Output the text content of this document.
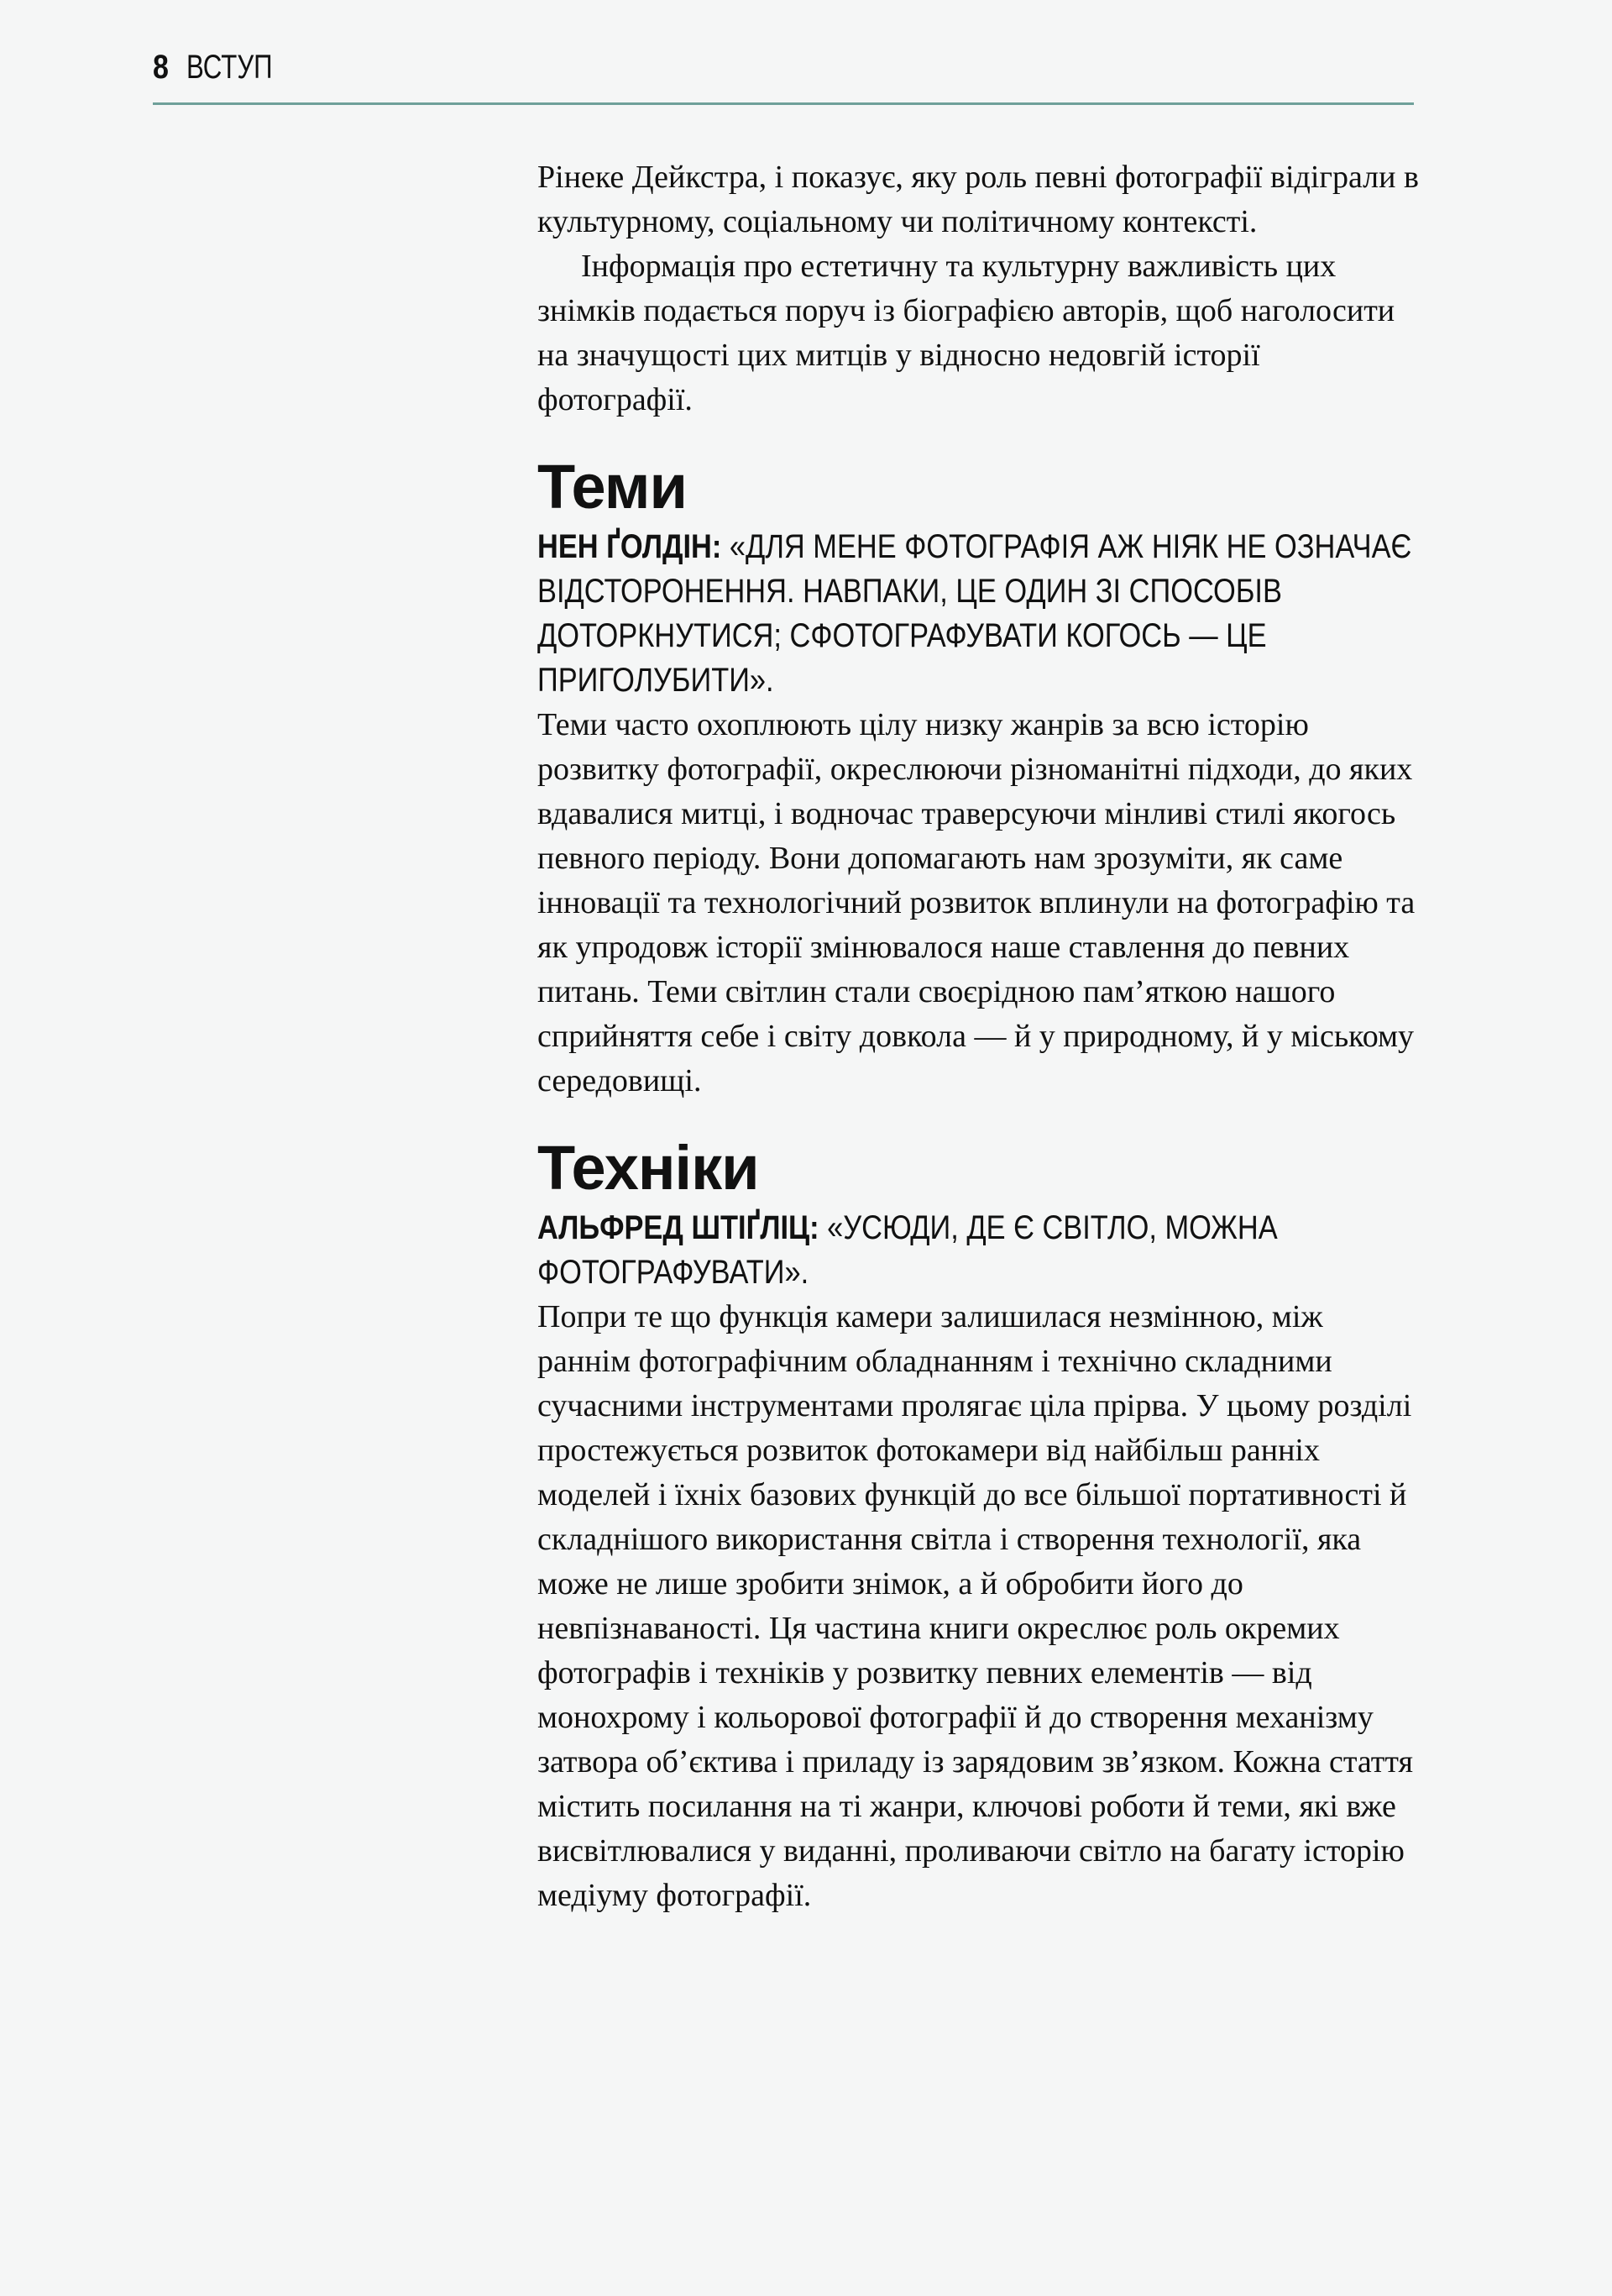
8 ВСТУП

Рінеке Дейкстра, і показує, яку роль певні фотографії відіграли в культурному, соціальному чи політичному контексті.

Інформація про естетичну та культурну важливість цих знімків подається поруч із біографією авторів, щоб наголосити на значущості цих митців у відносно недовгій історії фотографії.

Теми

НЕН ҐОЛДІН: «ДЛЯ МЕНЕ ФОТОГРАФІЯ АЖ НІЯК НЕ ОЗНАЧАЄ ВІДСТОРОНЕННЯ. НАВПАКИ, ЦЕ ОДИН ЗІ СПОСОБІВ ДОТОРКНУТИСЯ; СФОТОГРАФУВАТИ КОГОСЬ — ЦЕ ПРИГОЛУБИТИ».

Теми часто охоплюють цілу низку жанрів за всю історію розвитку фотографії, окреслюючи різноманітні підходи, до яких вдавалися митці, і водночас траверсуючи мінливі стилі якогось певного періоду. Вони допомагають нам зрозуміти, як саме інновації та технологічний розвиток вплинули на фотографію та як упродовж історії змінювалося наше ставлення до певних питань. Теми світлин стали своєрідною пам’яткою нашого сприйняття себе і світу довкола — й у природному, й у міському середовищі.

Техніки

АЛЬФРЕД ШТІҐЛІЦ: «УСЮДИ, ДЕ Є СВІТЛО, МОЖНА ФОТОГРАФУВАТИ».

Попри те що функція камери залишилася незмінною, між раннім фотографічним обладнанням і технічно складними сучасними інструментами пролягає ціла прірва. У цьому розділі простежується розвиток фотокамери від найбільш ранніх моделей і їхніх базових функцій до все більшої портативності й складнішого використання світла і створення технології, яка може не лише зробити знімок, а й обробити його до невпізнаваності. Ця частина книги окреслює роль окремих фотографів і техніків у розвитку певних елементів — від монохрому і кольорової фотографії й до створення механізму затвора об’єктива і приладу із зарядовим зв’язком. Кожна стаття містить посилання на ті жанри, ключові роботи й теми, які вже висвітлювалися у виданні, проливаючи світло на багату історію медіуму фотографії.
